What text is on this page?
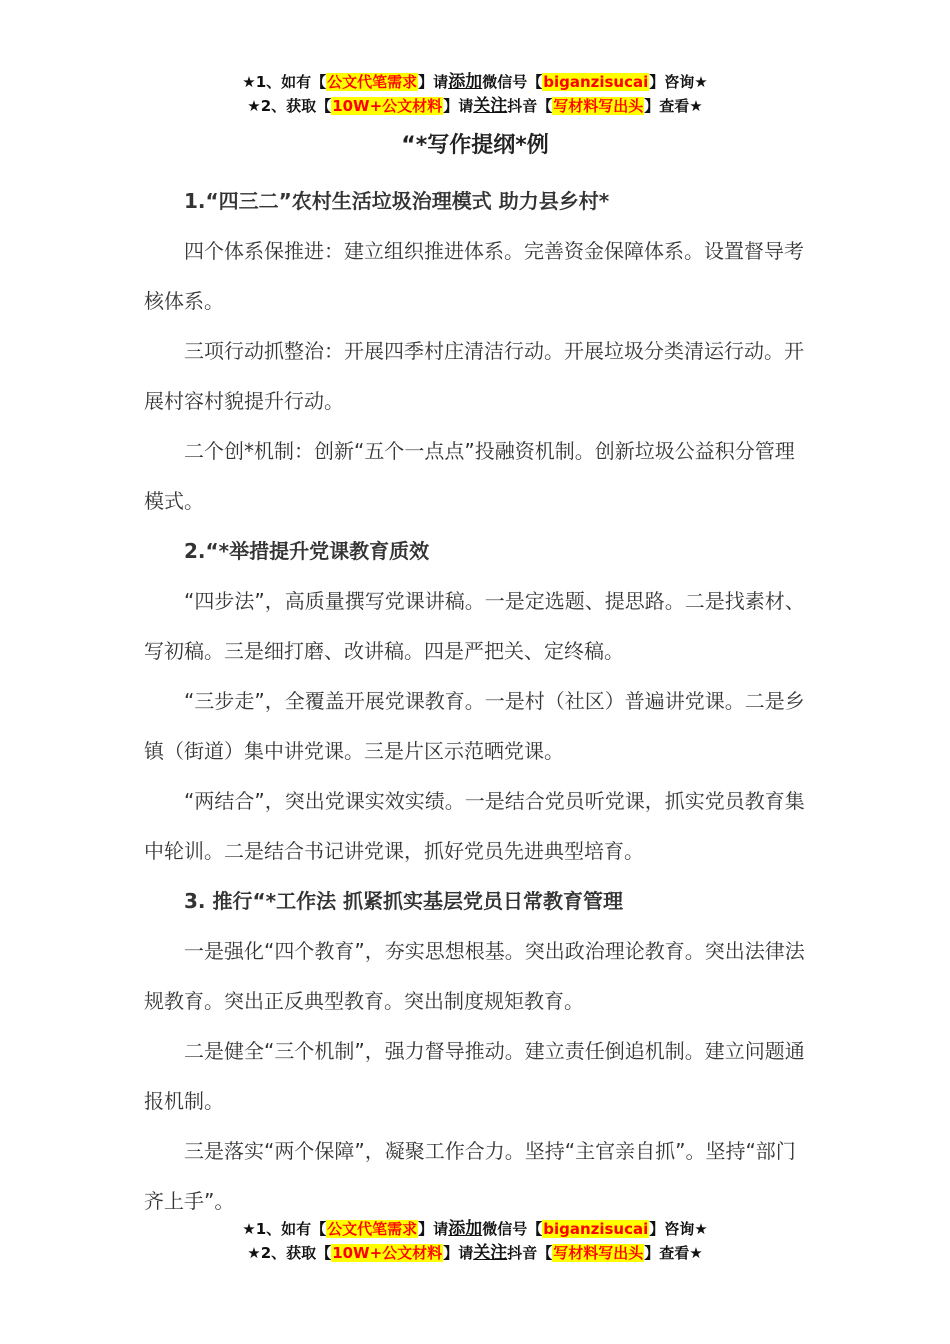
★1、如有【公文代笔需求】请添加微信号【biganzisucai】咨询★
★2、获取【10W+公文材料】请关注抖音【写材料写出头】查看★
“*写作提纲*例

1.“四三二”农村生活垃圾治理模式 助力县乡村*

四个体系保推进：建立组织推进体系。完善资金保障体系。设置督导考核体系。

三项行动抓整治：开展四季村庄清洁行动。开展垃圾分类清运行动。开展村容村貌提升行动。

二个创*机制：创新“五个一点点”投融资机制。创新垃圾公益积分管理模式。

2.“*举措提升党课教育质效

“四步法”，高质量撰写党课讲稿。一是定选题、提思路。二是找素材、写初稿。三是细打磨、改讲稿。四是严把关、定终稿。

“三步走”，全覆盖开展党课教育。一是村（社区）普遍讲党课。二是乡镇（街道）集中讲党课。三是片区示范晒党课。

“两结合”，突出党课实效实绩。一是结合党员听党课，抓实党员教育集中轮训。二是结合书记讲党课，抓好党员先进典型培育。

3. 推行“*工作法 抓紧抓实基层党员日常教育管理

一是强化“四个教育”，夯实思想根基。突出政治理论教育。突出法律法规教育。突出正反典型教育。突出制度规矩教育。

二是健全“三个机制”，强力督导推动。建立责任倒追机制。建立问题通报机制。

三是落实“两个保障”，凝聚工作合力。坚持“主官亲自抓”。坚持“部门齐上手”。

★1、如有【公文代笔需求】请添加微信号【biganzisucai】咨询★
★2、获取【10W+公文材料】请关注抖音【写材料写出头】查看★
